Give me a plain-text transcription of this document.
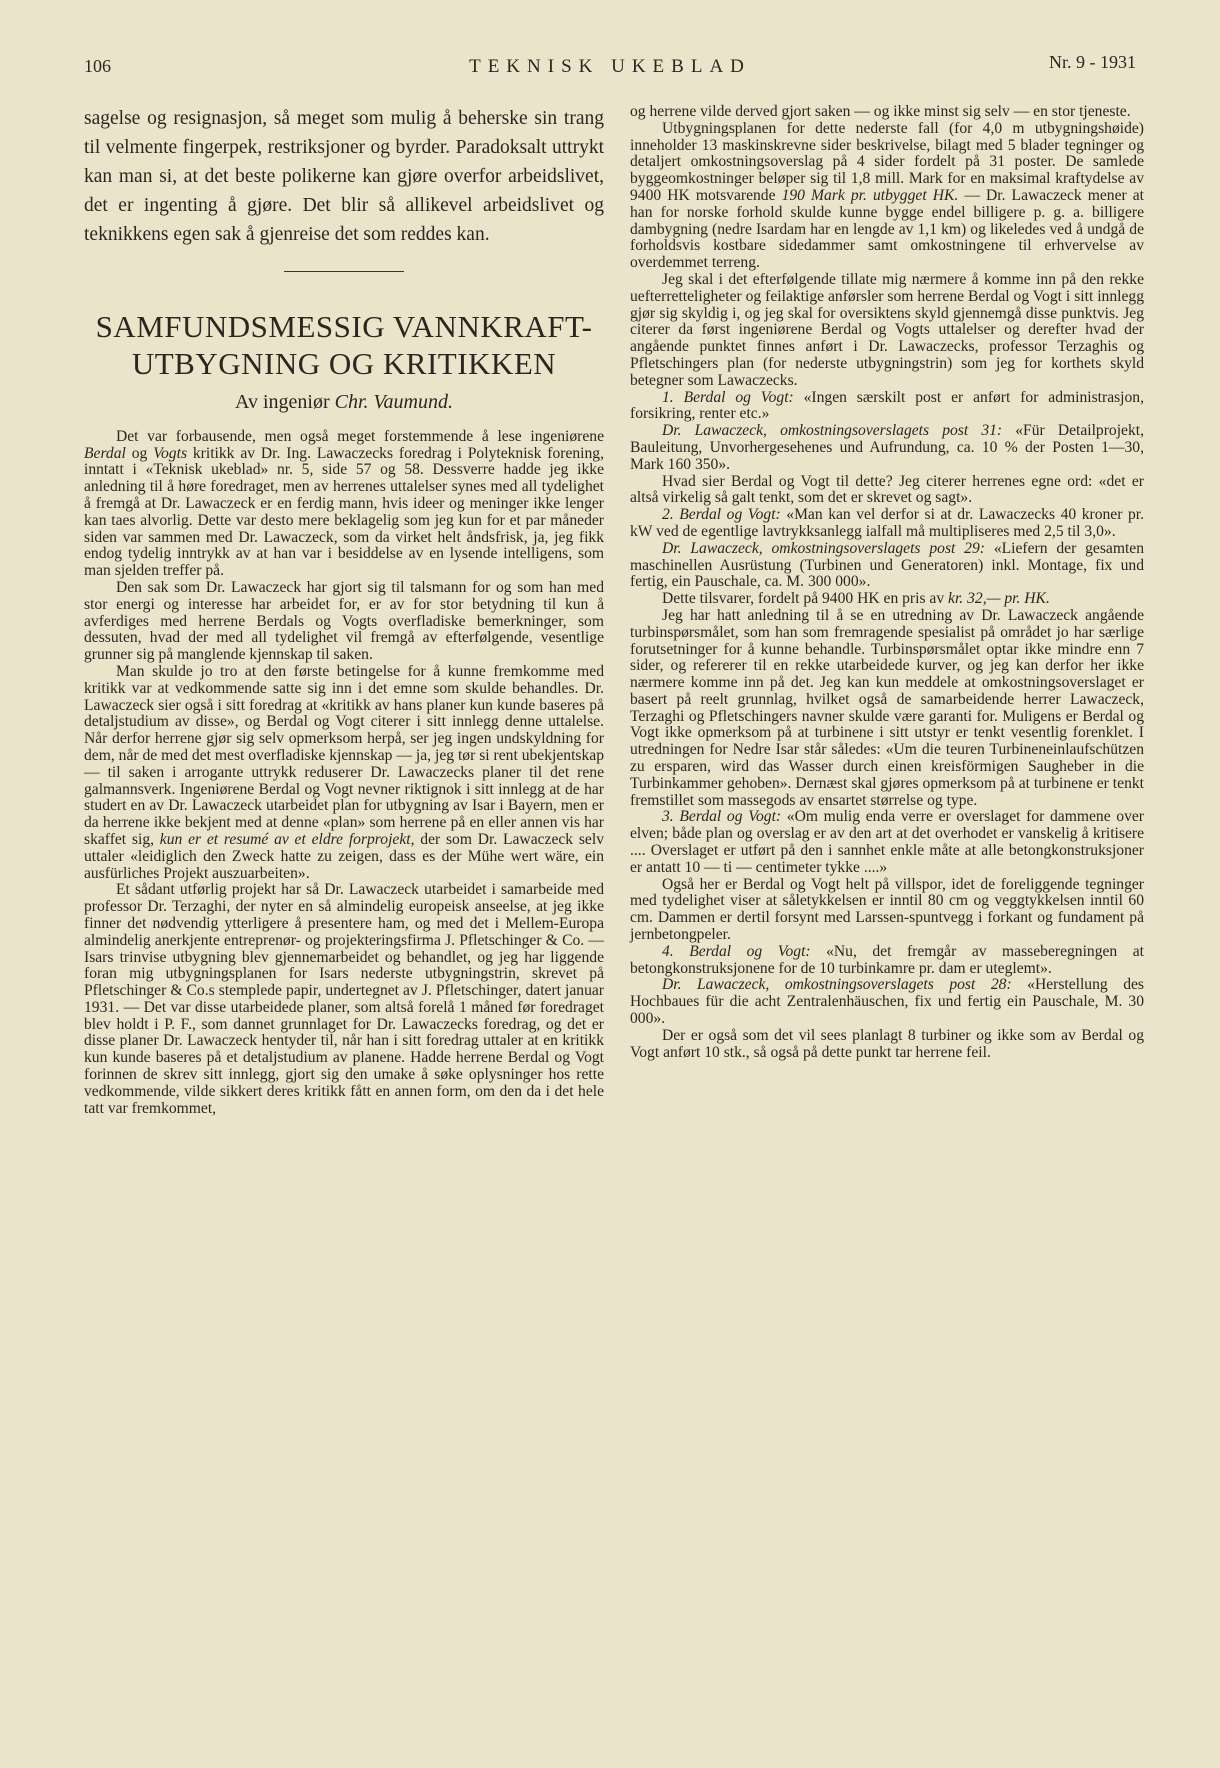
106	TEKNISK UKEBLAD	Nr. 9 - 1931

sagelse og resignasjon, så meget som mulig å beherske sin trang til velmente fingerpek, restriksjoner og byrder. Paradoksalt uttrykt kan man si, at det beste polikerne kan gjøre overfor arbeidslivet, det er ingenting å gjøre. Det blir så allikevel arbeidslivet og teknikkens egen sak å gjenreise det som reddes kan.

SAMFUNDSMESSIG VANNKRAFT-
UTBYGNING OG KRITIKKEN
Av ingeniør Chr. Vaumund.

Det var forbausende, men også meget forstemmende å lese ingeniørene Berdal og Vogts kritikk av Dr. Ing. Lawaczecks foredrag i Polyteknisk forening, inntatt i «Teknisk ukeblad» nr. 5, side 57 og 58. Dessverre hadde jeg ikke anledning til å høre foredraget, men av herrenes uttalelser synes med all tydelighet å fremgå at Dr. Lawaczeck er en ferdig mann, hvis ideer og meninger ikke lenger kan taes alvorlig. Dette var desto mere beklagelig som jeg kun for et par måneder siden var sammen med Dr. Lawaczeck, som da virket helt åndsfrisk, ja, jeg fikk endog tydelig inntrykk av at han var i besiddelse av en lysende intelligens, som man sjelden treffer på.

Den sak som Dr. Lawaczeck har gjort sig til talsmann for og som han med stor energi og interesse har arbeidet for, er av for stor betydning til kun å avferdiges med herrene Berdals og Vogts overfladiske bemerkninger, som dessuten, hvad der med all tydelighet vil fremgå av efterfølgende, vesentlige grunner sig på manglende kjennskap til saken.

Man skulde jo tro at den første betingelse for å kunne fremkomme med kritikk var at vedkommende satte sig inn i det emne som skulde behandles. Dr. Lawaczeck sier også i sitt foredrag at «kritikk av hans planer kun kunde baseres på detaljstudium av disse», og Berdal og Vogt citerer i sitt innlegg denne uttalelse. Når derfor herrene gjør sig selv opmerksom herpå, ser jeg ingen undskyldning for dem, når de med det mest overfladiske kjennskap — ja, jeg tør si rent ubekjentskap — til saken i arrogante uttrykk reduserer Dr. Lawaczecks planer til det rene galmannsverk. Ingeniørene Berdal og Vogt nevner riktignok i sitt innlegg at de har studert en av Dr. Lawaczeck utarbeidet plan for utbygning av Isar i Bayern, men er da herrene ikke bekjent med at denne «plan» som herrene på en eller annen vis har skaffet sig, kun er et resumé av et eldre forprojekt, der som Dr. Lawaczeck selv uttaler «leidiglich den Zweck hatte zu zeigen, dass es der Mühe wert wäre, ein ausfürliches Projekt auszuarbeiten».

Et sådant utførlig projekt har så Dr. Lawaczeck utarbeidet i samarbeide med professor Dr. Terzaghi, der nyter en så almindelig europeisk anseelse, at jeg ikke finner det nødvendig ytterligere å presentere ham, og med det i Mellem-Europa almindelig anerkjente entreprenør- og projekteringsfirma J. Pfletschinger & Co. — Isars trinvise utbygning blev gjennemarbeidet og behandlet, og jeg har liggende foran mig utbygningsplanen for Isars nederste utbygningstrin, skrevet på Pfletschinger & Co.s stemplede papir, undertegnet av J. Pfletschinger, datert januar 1931. — Det var disse utarbeidede planer, som altså forelå 1 måned før foredraget blev holdt i P. F., som dannet grunnlaget for Dr. Lawaczecks foredrag, og det er disse planer Dr. Lawaczeck hentyder til, når han i sitt foredrag uttaler at en kritikk kun kunde baseres på et detaljstudium av planene. Hadde herrene Berdal og Vogt forinnen de skrev sitt innlegg, gjort sig den umake å søke oplysninger hos rette vedkommende, vilde sikkert deres kritikk fått en annen form, om den da i det hele tatt var fremkommet,

og herrene vilde derved gjort saken — og ikke minst sig selv — en stor tjeneste.

Utbygningsplanen for dette nederste fall (for 4,0 m utbygningshøide) inneholder 13 maskinskrevne sider beskrivelse, bilagt med 5 blader tegninger og detaljert omkostningsoverslag på 4 sider fordelt på 31 poster. De samlede byggeomkostninger beløper sig til 1,8 mill. Mark for en maksimal kraftydelse av 9400 HK motsvarende 190 Mark pr. utbygget HK. — Dr. Lawaczeck mener at han for norske forhold skulde kunne bygge endel billigere p. g. a. billigere dambygning (nedre Isardam har en lengde av 1,1 km) og likeledes ved å undgå de forholdsvis kostbare sidedammer samt omkostningene til erhvervelse av overdemmet terreng.

Jeg skal i det efterfølgende tillate mig nærmere å komme inn på den rekke uefterretteligheter og feilaktige anførsler som herrene Berdal og Vogt i sitt innlegg gjør sig skyldig i, og jeg skal for oversiktens skyld gjennemgå disse punktvis. Jeg citerer da først ingeniørene Berdal og Vogts uttalelser og derefter hvad der angående punktet finnes anført i Dr. Lawaczecks, professor Terzaghis og Pfletschingers plan (for nederste utbygningstrin) som jeg for korthets skyld betegner som Lawaczecks.

1. Berdal og Vogt: «Ingen særskilt post er anført for administrasjon, forsikring, renter etc.»

Dr. Lawaczeck, omkostningsoverslagets post 31: «Für Detailprojekt, Bauleitung, Unvorhergesehenes und Aufrundung, ca. 10 % der Posten 1—30, Mark 160 350».

Hvad sier Berdal og Vogt til dette? Jeg citerer herrenes egne ord: «det er altså virkelig så galt tenkt, som det er skrevet og sagt».

2. Berdal og Vogt: «Man kan vel derfor si at dr. Lawaczecks 40 kroner pr. kW ved de egentlige lavtrykksanlegg ialfall må multipliseres med 2,5 til 3,0».

Dr. Lawaczeck, omkostningsoverslagets post 29: «Liefern der gesamten maschinellen Ausrüstung (Turbinen und Generatoren) inkl. Montage, fix und fertig, ein Pauschale, ca. M. 300 000».

Dette tilsvarer, fordelt på 9400 HK en pris av kr. 32,— pr. HK.

Jeg har hatt anledning til å se en utredning av Dr. Lawaczeck angående turbinspørsmålet, som han som fremragende spesialist på området jo har særlige forutsetninger for å kunne behandle. Turbinspørsmålet optar ikke mindre enn 7 sider, og refererer til en rekke utarbeidede kurver, og jeg kan derfor her ikke nærmere komme inn på det. Jeg kan kun meddele at omkostningsoverslaget er basert på reelt grunnlag, hvilket også de samarbeidende herrer Lawaczeck, Terzaghi og Pfletschingers navner skulde være garanti for. Muligens er Berdal og Vogt ikke opmerksom på at turbinene i sitt utstyr er tenkt vesentlig forenklet. I utredningen for Nedre Isar står således: «Um die teuren Turbineneinlaufschützen zu ersparen, wird das Wasser durch einen kreisförmigen Saugheber in die Turbinkammer gehoben». Dernæst skal gjøres opmerksom på at turbinene er tenkt fremstillet som massegods av ensartet størrelse og type.

3. Berdal og Vogt: «Om mulig enda verre er overslaget for dammene over elven; både plan og overslag er av den art at det overhodet er vanskelig å kritisere .... Overslaget er utført på den i sannhet enkle måte at alle betongkonstruksjoner er antatt 10 — ti — centimeter tykke ....»

Også her er Berdal og Vogt helt på villspor, idet de foreliggende tegninger med tydelighet viser at såletykkelsen er inntil 80 cm og veggtykkelsen inntil 60 cm. Dammen er dertil forsynt med Larssen-spuntvegg i forkant og fundament på jernbetongpeler.

4. Berdal og Vogt: «Nu, det fremgår av masseberegningen at betongkonstruksjonene for de 10 turbinkamre pr. dam er uteglemt».

Dr. Lawaczeck, omkostningsoverslagets post 28: «Herstellung des Hochbaues für die acht Zentralenhäuschen, fix und fertig ein Pauschale, M. 30 000».

Der er også som det vil sees planlagt 8 turbiner og ikke som av Berdal og Vogt anført 10 stk., så også på dette punkt tar herrene feil.
